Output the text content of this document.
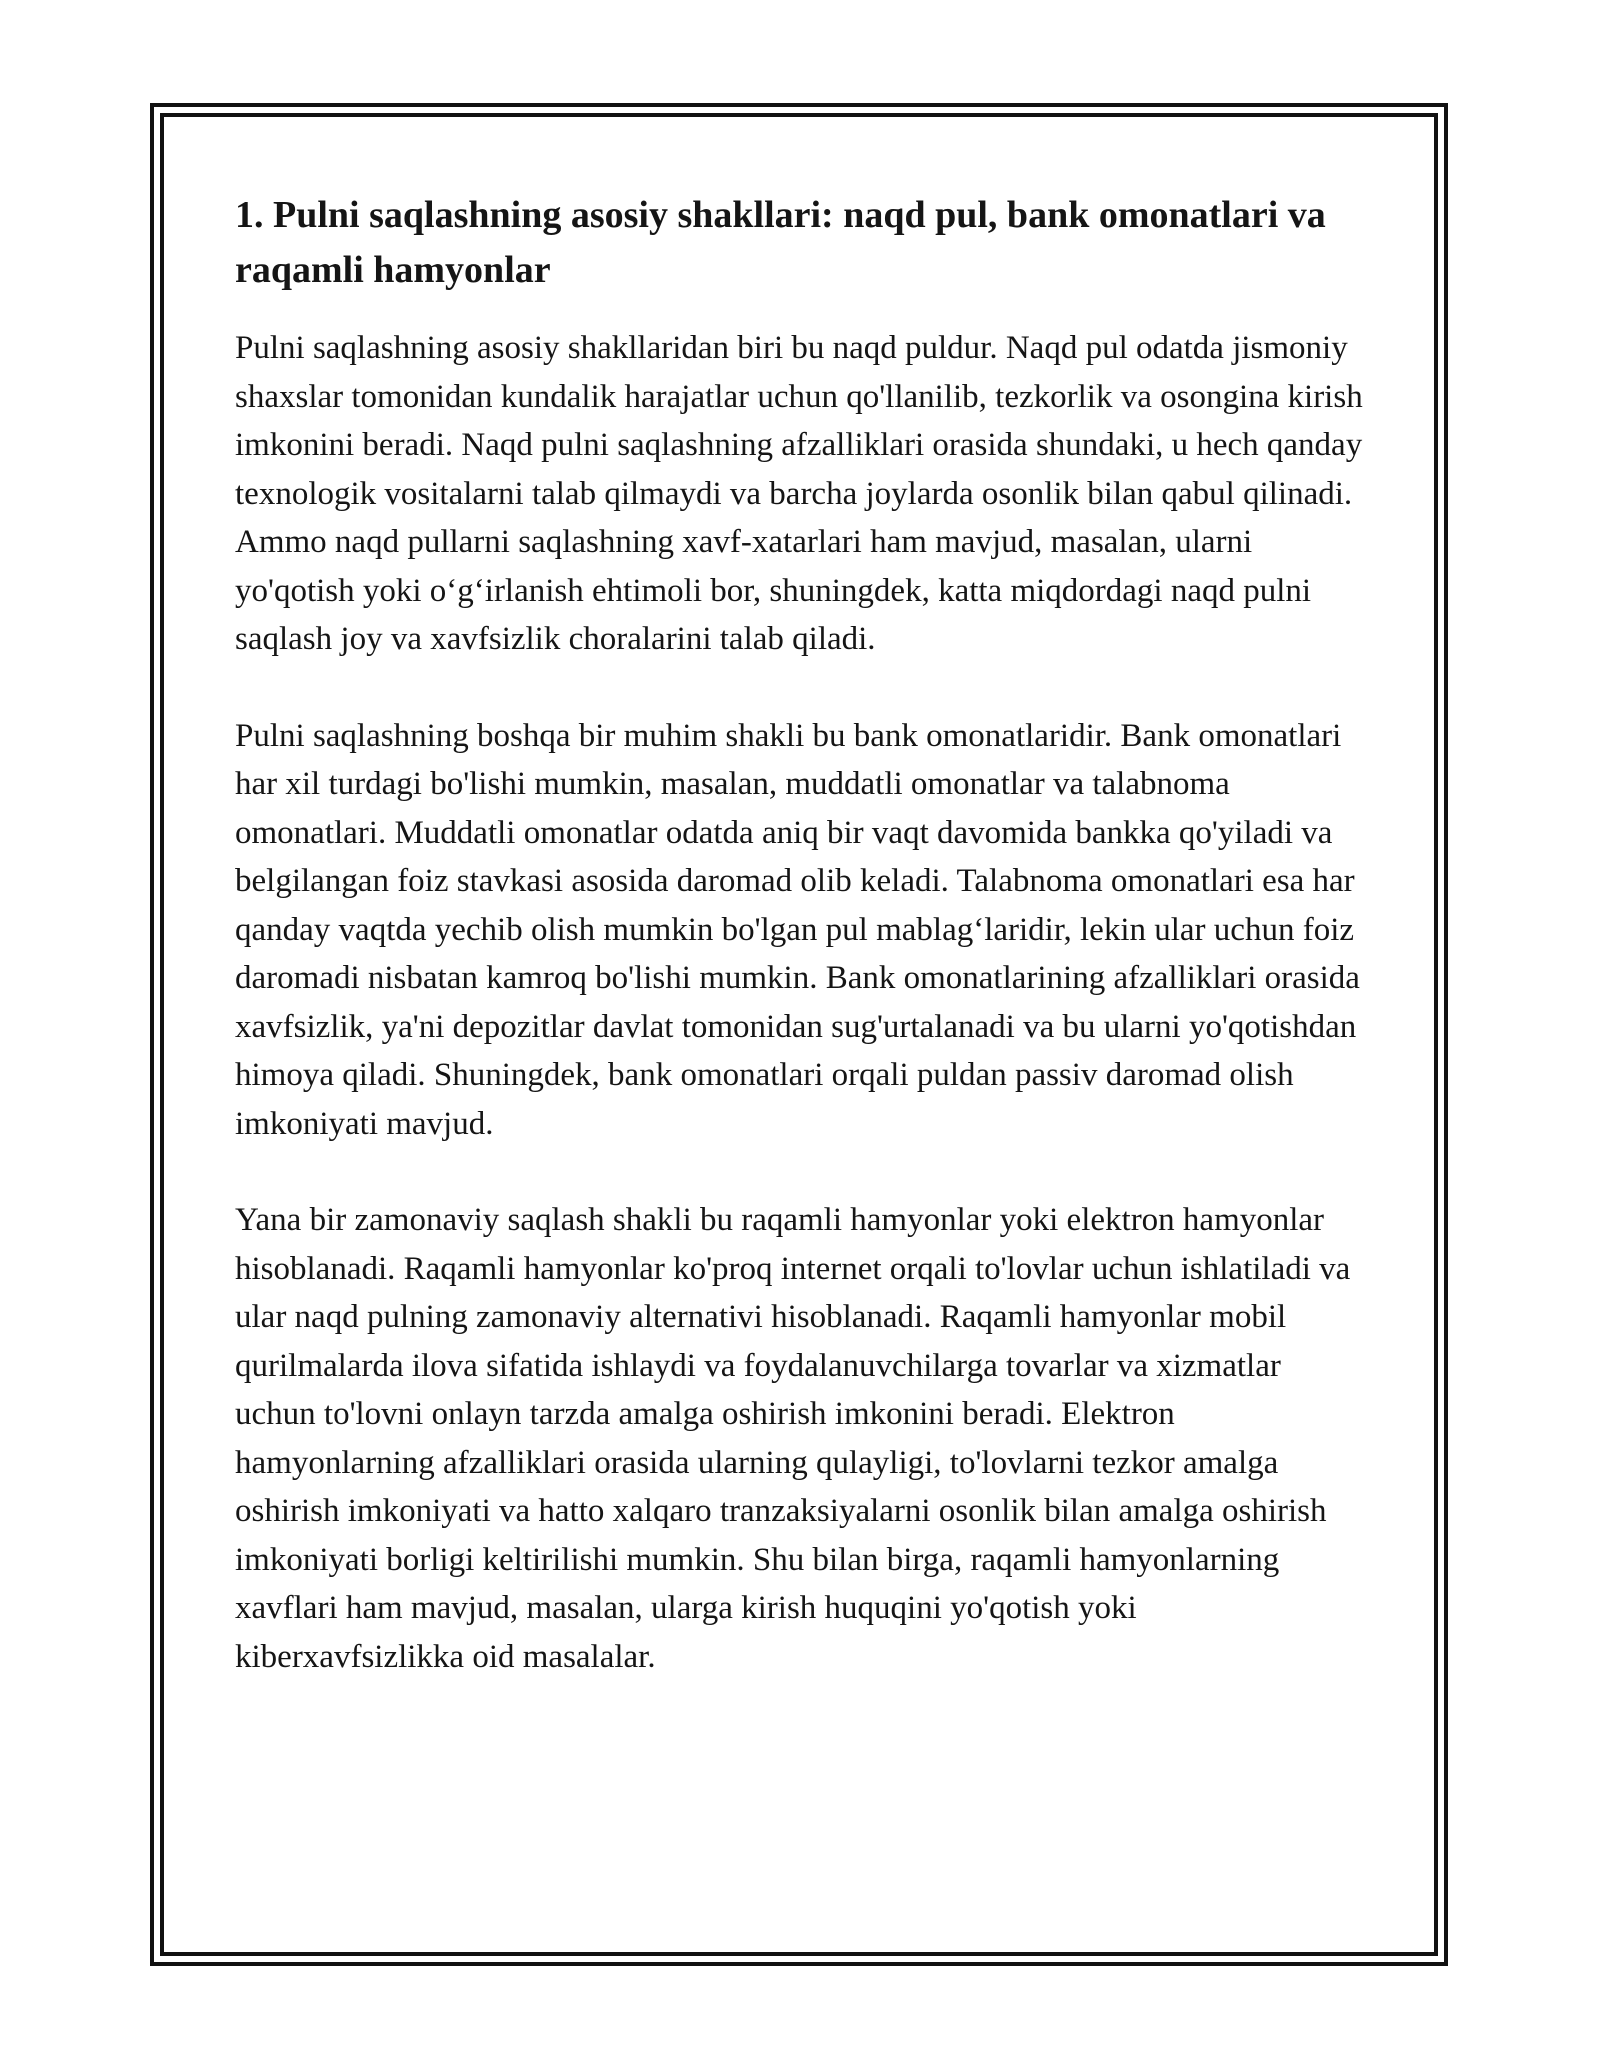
1. Pulni saqlashning asosiy shakllari: naqd pul, bank omonatlari va raqamli hamyonlar

Pulni saqlashning asosiy shakllaridan biri bu naqd puldur. Naqd pul odatda jismoniy shaxslar tomonidan kundalik harajatlar uchun qo'llanilib, tezkorlik va osongina kirish imkonini beradi. Naqd pulni saqlashning afzalliklari orasida shundaki, u hech qanday texnologik vositalarni talab qilmaydi va barcha joylarda osonlik bilan qabul qilinadi. Ammo naqd pullarni saqlashning xavf-xatarlari ham mavjud, masalan, ularni yo'qotish yoki o‘g‘irlanish ehtimoli bor, shuningdek, katta miqdordagi naqd pulni saqlash joy va xavfsizlik choralarini talab qiladi.

Pulni saqlashning boshqa bir muhim shakli bu bank omonatlaridir. Bank omonatlari har xil turdagi bo'lishi mumkin, masalan, muddatli omonatlar va talabnoma omonatlari. Muddatli omonatlar odatda aniq bir vaqt davomida bankka qo'yiladi va belgilangan foiz stavkasi asosida daromad olib keladi. Talabnoma omonatlari esa har qanday vaqtda yechib olish mumkin bo'lgan pul mablag‘laridir, lekin ular uchun foiz daromadi nisbatan kamroq bo'lishi mumkin. Bank omonatlarining afzalliklari orasida xavfsizlik, ya'ni depozitlar davlat tomonidan sug'urtalanadi va bu ularni yo'qotishdan himoya qiladi. Shuningdek, bank omonatlari orqali puldan passiv daromad olish imkoniyati mavjud.

Yana bir zamonaviy saqlash shakli bu raqamli hamyonlar yoki elektron hamyonlar hisoblanadi. Raqamli hamyonlar ko'proq internet orqali to'lovlar uchun ishlatiladi va ular naqd pulning zamonaviy alternativi hisoblanadi. Raqamli hamyonlar mobil qurilmalarda ilova sifatida ishlaydi va foydalanuvchilarga tovarlar va xizmatlar uchun to'lovni onlayn tarzda amalga oshirish imkonini beradi. Elektron hamyonlarning afzalliklari orasida ularning qulayligi, to'lovlarni tezkor amalga oshirish imkoniyati va hatto xalqaro tranzaksiyalarni osonlik bilan amalga oshirish imkoniyati borligi keltirilishi mumkin. Shu bilan birga, raqamli hamyonlarning xavflari ham mavjud, masalan, ularga kirish huquqini yo'qotish yoki kiberxavfsizlikka oid masalalar.
